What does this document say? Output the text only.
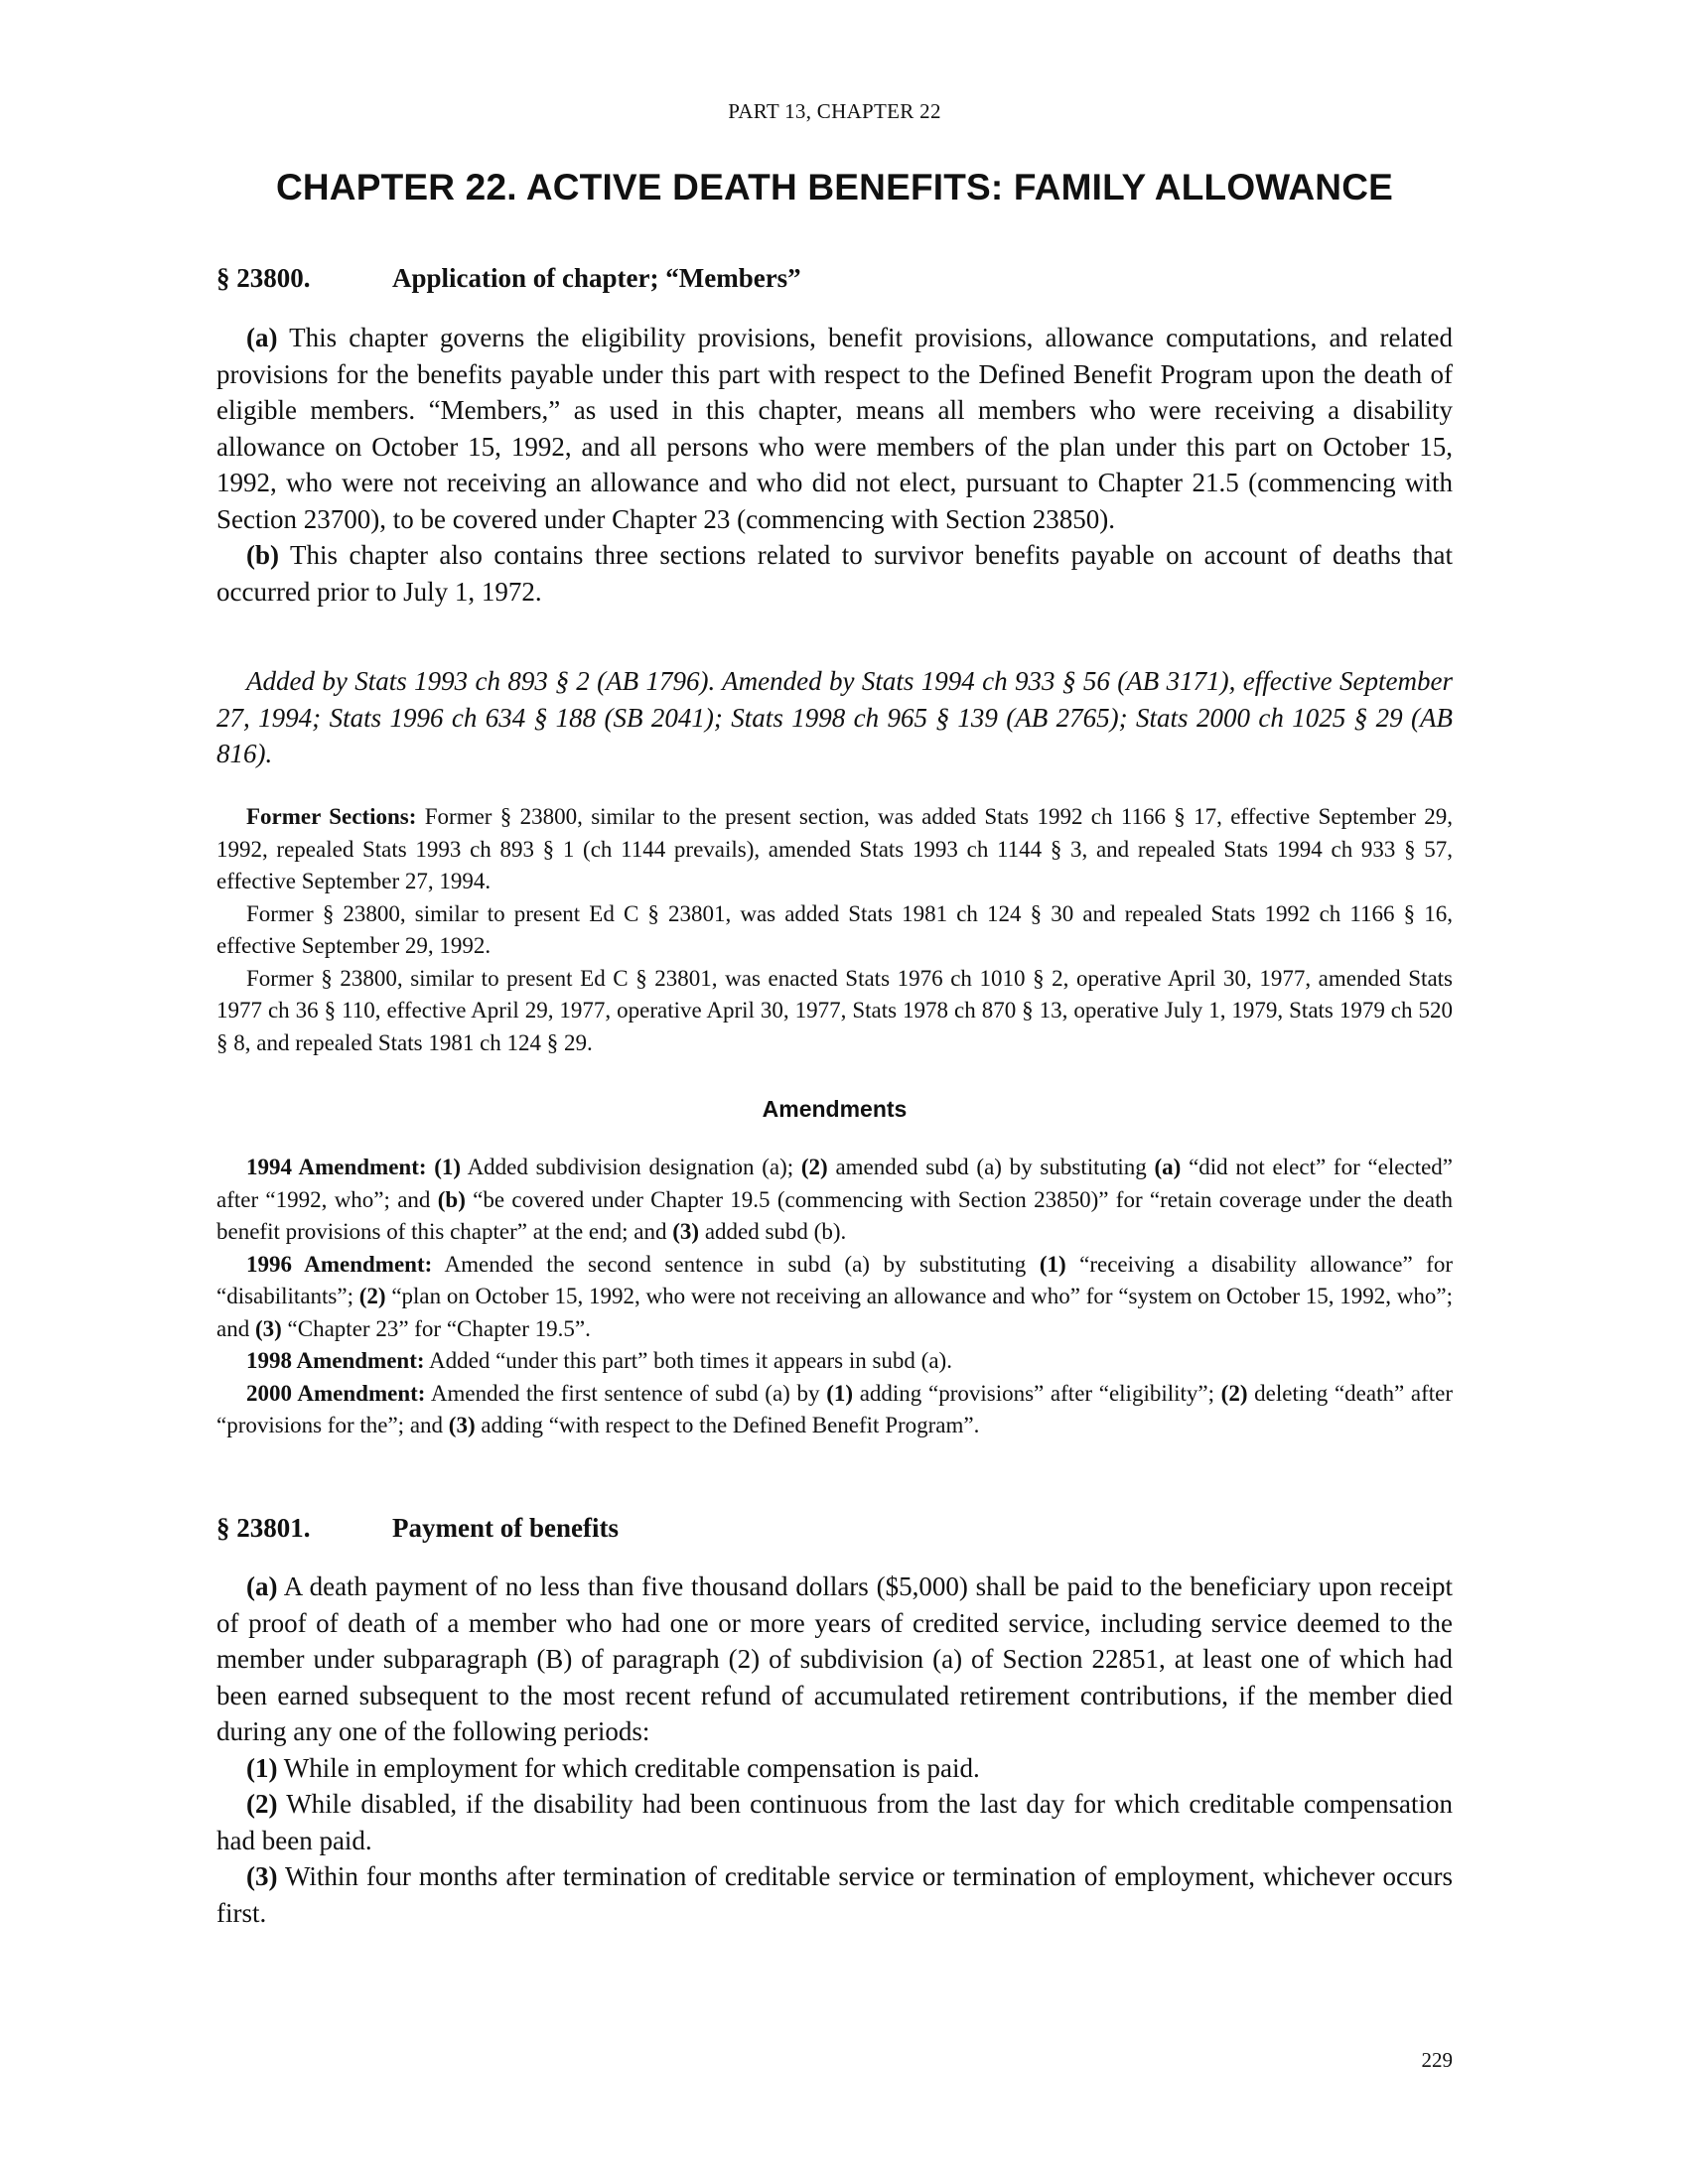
PART 13, CHAPTER 22
CHAPTER 22. ACTIVE DEATH BENEFITS: FAMILY ALLOWANCE
§ 23800.	Application of chapter; “Members”

(a) This chapter governs the eligibility provisions, benefit provisions, allowance computations, and related provisions for the benefits payable under this part with respect to the Defined Benefit Program upon the death of eligible members. “Members,” as used in this chapter, means all members who were receiving a disability allowance on October 15, 1992, and all persons who were members of the plan under this part on October 15, 1992, who were not receiving an allowance and who did not elect, pursuant to Chapter 21.5 (commencing with Section 23700), to be covered under Chapter 23 (commencing with Section 23850).

(b) This chapter also contains three sections related to survivor benefits payable on account of deaths that occurred prior to July 1, 1972.

Added by Stats 1993 ch 893 § 2 (AB 1796). Amended by Stats 1994 ch 933 § 56 (AB 3171), effective September 27, 1994; Stats 1996 ch 634 § 188 (SB 2041); Stats 1998 ch 965 § 139 (AB 2765); Stats 2000 ch 1025 § 29 (AB 816).

Former Sections: Former § 23800, similar to the present section, was added Stats 1992 ch 1166 § 17, effective September 29, 1992, repealed Stats 1993 ch 893 § 1 (ch 1144 prevails), amended Stats 1993 ch 1144 § 3, and repealed Stats 1994 ch 933 § 57, effective September 27, 1994.

Former § 23800, similar to present Ed C § 23801, was added Stats 1981 ch 124 § 30 and repealed Stats 1992 ch 1166 § 16, effective September 29, 1992.

Former § 23800, similar to present Ed C § 23801, was enacted Stats 1976 ch 1010 § 2, operative April 30, 1977, amended Stats 1977 ch 36 § 110, effective April 29, 1977, operative April 30, 1977, Stats 1978 ch 870 § 13, operative July 1, 1979, Stats 1979 ch 520 § 8, and repealed Stats 1981 ch 124 § 29.

Amendments

1994 Amendment: (1) Added subdivision designation (a); (2) amended subd (a) by substituting (a) “did not elect” for “elected” after “1992, who”; and (b) “be covered under Chapter 19.5 (commencing with Section 23850)” for “retain coverage under the death benefit provisions of this chapter” at the end; and (3) added subd (b).

1996 Amendment: Amended the second sentence in subd (a) by substituting (1) “receiving a disability allowance” for “disabilitants”; (2) “plan on October 15, 1992, who were not receiving an allowance and who” for “system on October 15, 1992, who”; and (3) “Chapter 23” for “Chapter 19.5”.

1998 Amendment: Added “under this part” both times it appears in subd (a).

2000 Amendment: Amended the first sentence of subd (a) by (1) adding “provisions” after “eligibility”; (2) deleting “death” after “provisions for the”; and (3) adding “with respect to the Defined Benefit Program”.

§ 23801.	Payment of benefits

(a) A death payment of no less than five thousand dollars ($5,000) shall be paid to the beneficiary upon receipt of proof of death of a member who had one or more years of credited service, including service deemed to the member under subparagraph (B) of paragraph (2) of subdivision (a) of Section 22851, at least one of which had been earned subsequent to the most recent refund of accumulated retirement contributions, if the member died during any one of the following periods:

(1) While in employment for which creditable compensation is paid.

(2) While disabled, if the disability had been continuous from the last day for which creditable compensation had been paid.

(3) Within four months after termination of creditable service or termination of employment, whichever occurs first.

229
